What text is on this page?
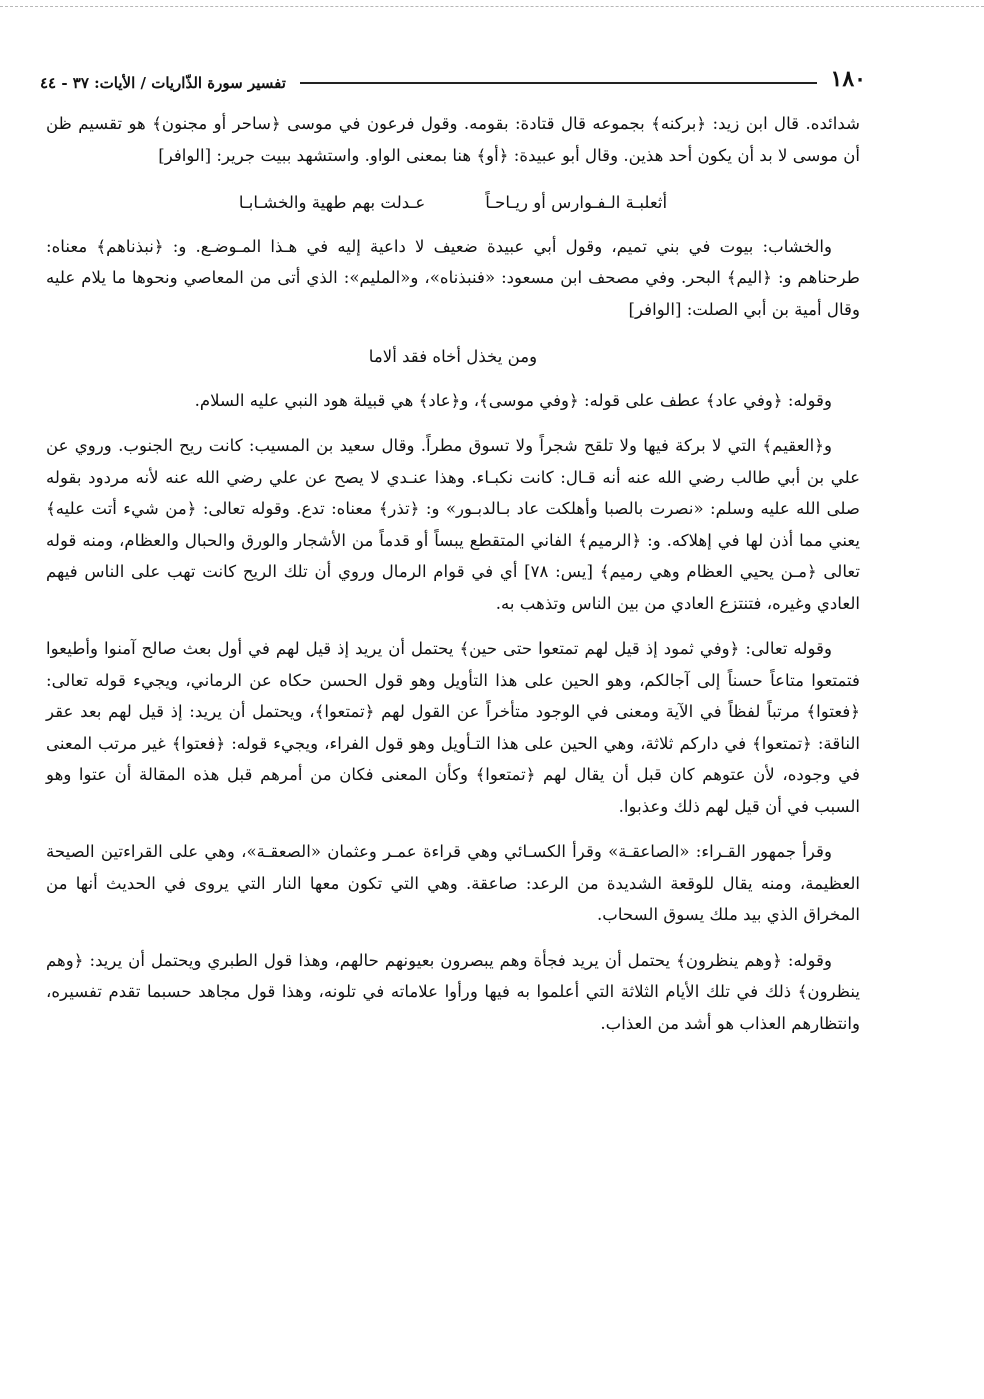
١٨٠
تفسير سورة الذّاريات / الأيات: ٣٧ - ٤٤

شدائده. قال ابن زيد: ﴿بركنه﴾ بجموعه قال قتادة: بقومه. وقول فرعون في موسى ﴿ساحر أو مجنون﴾ هو تقسيم ظن أن موسى لا بد أن يكون أحد هذين. وقال أبو عبيدة: ﴿أو﴾ هنا بمعنى الواو. واستشهد ببيت جرير: [الوافر]

أثعلبـة الـفـوارس أو ريـاحـاً
عـدلت بهم طهية والخشـابـا

والخشاب: بيوت في بني تميم، وقول أبي عبيدة ضعيف لا داعية إليه في هـذا المـوضـع. و: ﴿نبذناهم﴾ معناه: طرحناهم و: ﴿اليم﴾ البحر. وفي مصحف ابن مسعود: «فنبذناه»، و«المليم»: الذي أتى من المعاصي ونحوها ما يلام عليه وقال أمية بن أبي الصلت: [الوافر]

ومن يخذل أخاه فقد ألاما

وقوله: ﴿وفي عاد﴾ عطف على قوله: ﴿وفي موسى﴾، و﴿عاد﴾ هي قبيلة هود النبي عليه السلام.

و﴿العقيم﴾ التي لا بركة فيها ولا تلقح شجراً ولا تسوق مطراً. وقال سعيد بن المسيب: كانت ريح الجنوب. وروي عن علي بن أبي طالب رضي الله عنه أنه قـال: كانت نكبـاء. وهذا عنـدي لا يصح عن علي رضي الله عنه لأنه مردود بقوله صلى الله عليه وسلم: «نصرت بالصبا وأهلكت عاد بـالدبـور» و: ﴿تذر﴾ معناه: تدع. وقوله تعالى: ﴿من شيء أتت عليه﴾ يعني مما أذن لها في إهلاكه. و: ﴿الرميم﴾ الفاني المتقطع يبساً أو قدماً من الأشجار والورق والحبال والعظام، ومنه قوله تعالى ﴿مـن يحيي العظام وهي رميم﴾ [يس: ٧٨] أي في قوام الرمال وروي أن تلك الريح كانت تهب على الناس فيهم العادي وغيره، فتنتزع العادي من بين الناس وتذهب به.

وقوله تعالى: ﴿وفي ثمود إذ قيل لهم تمتعوا حتى حين﴾ يحتمل أن يريد إذ قيل لهم في أول بعث صالح آمنوا وأطيعوا فتمتعوا متاعاً حسناً إلى آجالكم، وهو الحين على هذا التأويل وهو قول الحسن حكاه عن الرماني، ويجيء قوله تعالى: ﴿فعتوا﴾ مرتباً لفظاً في الآية ومعنى في الوجود متأخراً عن القول لهم ﴿تمتعوا﴾، ويحتمل أن يريد: إذ قيل لهم بعد عقر الناقة: ﴿تمتعوا﴾ في داركم ثلاثة، وهي الحين على هذا التـأويل وهو قول الفراء، ويجيء قوله: ﴿فعتوا﴾ غير مرتب المعنى في وجوده، لأن عتوهم كان قبل أن يقال لهم ﴿تمتعوا﴾ وكأن المعنى فكان من أمرهم قبل هذه المقالة أن عتوا وهو السبب في أن قيل لهم ذلك وعذبوا.

وقرأ جمهور القـراء: «الصاعقـة» وقرأ الكسـائي وهي قراءة عمـر وعثمان «الصعقـة»، وهي على القراءتين الصيحة العظيمة، ومنه يقال للوقعة الشديدة من الرعد: صاعقة. وهي التي تكون معها النار التي يروى في الحديث أنها من المخراق الذي بيد ملك يسوق السحاب.

وقوله: ﴿وهم ينظرون﴾ يحتمل أن يريد فجأة وهم يبصرون بعيونهم حالهم، وهذا قول الطبري ويحتمل أن يريد: ﴿وهم ينظرون﴾ ذلك في تلك الأيام الثلاثة التي أعلموا به فيها ورأوا علاماته في تلونه، وهذا قول مجاهد حسبما تقدم تفسيره، وانتظارهم العذاب هو أشد من العذاب.
